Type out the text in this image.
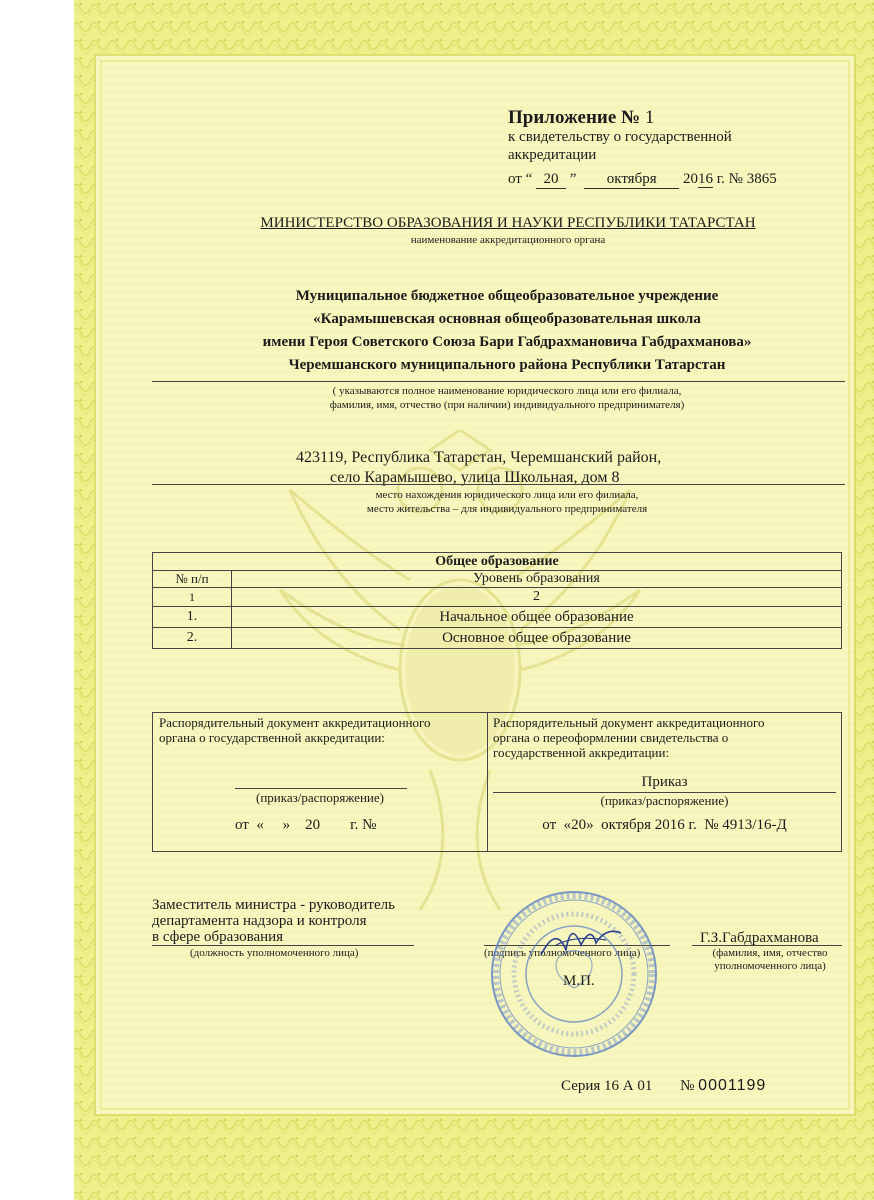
Приложение № 1
к свидетельству о государственной
аккредитации
от “ 20 ” октября 2016 г. № 3865
МИНИСТЕРСТВО ОБРАЗОВАНИЯ И НАУКИ РЕСПУБЛИКИ ТАТАРСТАН
наименование аккредитационного органа
Муниципальное бюджетное общеобразовательное учреждение
«Карамышевская основная общеобразовательная школа
имени Героя Советского Союза Бари Габдрахмановича Габдрахманова»
Черемшанского муниципального района Республики Татарстан
( указываются полное наименование юридического лица или его филиала,
фамилия, имя, отчество (при наличии) индивидуального предпринимателя)
423119, Республика Татарстан, Черемшанский район,
село Карамышево, улица Школьная, дом 8
место нахождения юридического лица или его филиала,
место жительства – для индивидуального предпринимателя
Общее образование	
№ п/п	Уровень образования
1	2
1.	Начальное общее образование
2.	Основное общее образование
Распорядительный документ аккредитационного
органа о государственной аккредитации:
(приказ/распоряжение)
от  «     »    20        г. №
Распорядительный документ аккредитационного
органа о переоформлении свидетельства о
государственной аккредитации:
Приказ
(приказ/распоряжение)
от  «20»  октября 2016 г.  № 4913/16-Д
Заместитель министра - руководитель
департамента надзора и контроля
в сфере образования
(должность уполномоченного лица)	(подпись уполномоченного лица)
Г.З.Габдрахманова
(фамилия, имя, отчество
уполномоченного лица)
М.П.
Серия 16 А 01 № 0001199
